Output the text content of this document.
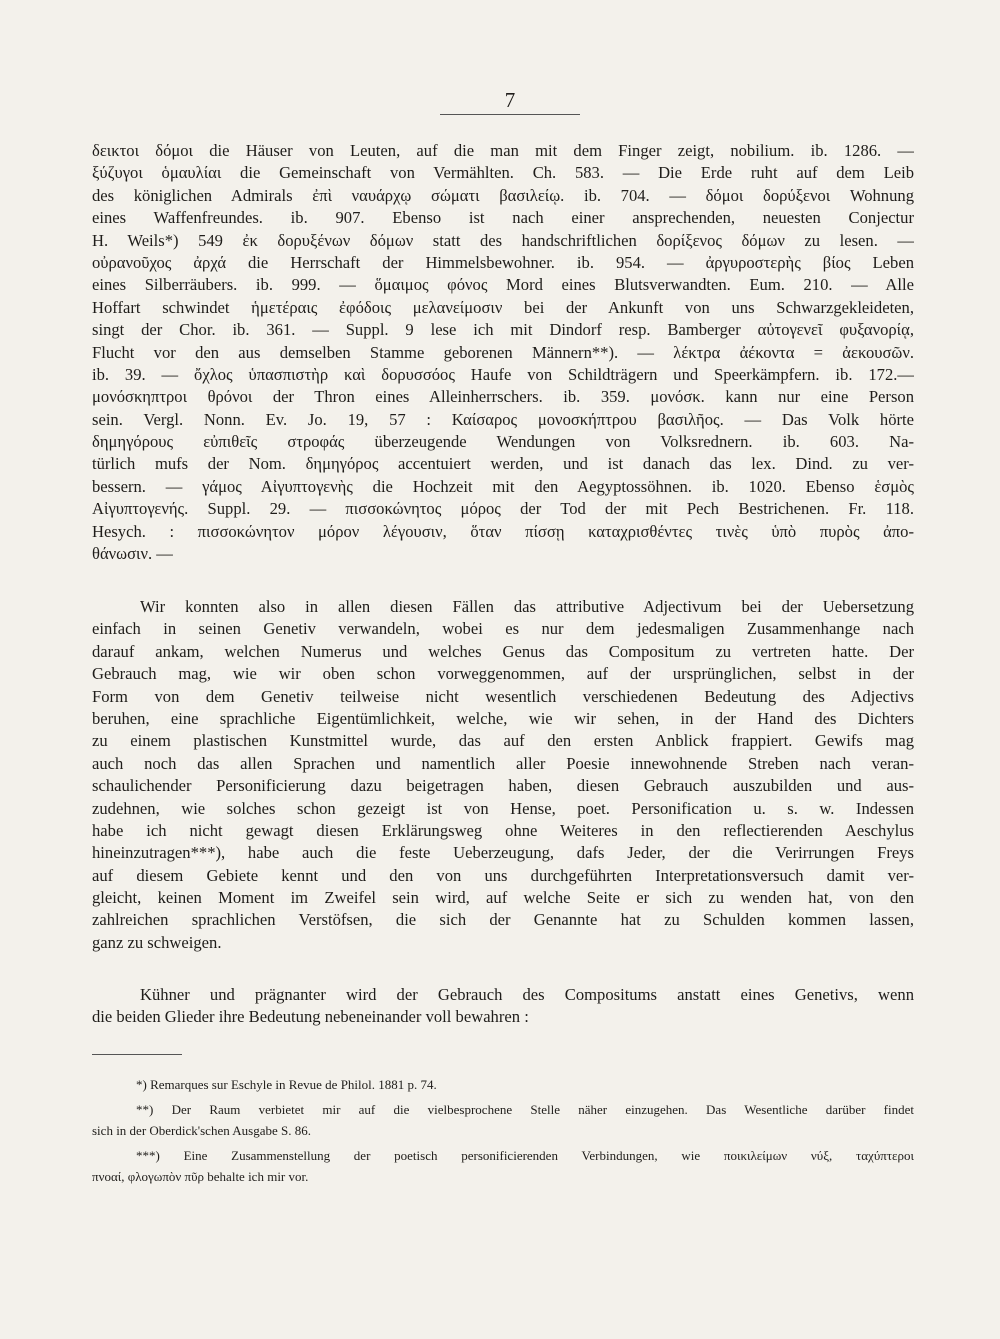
7
δεικτοι δόμοι die Häuser von Leuten, auf die man mit dem Finger zeigt, nobilium. ib. 1286. —
ξύζυγοι ὁμαυλίαι die Gemeinschaft von Vermählten. Ch. 583. — Die Erde ruht auf dem Leib
des königlichen Admirals ἐπὶ ναυάρχῳ σώματι βασιλείῳ. ib. 704. — δόμοι δορύξενοι Wohnung
eines Waffenfreundes. ib. 907. Ebenso ist nach einer ansprechenden, neuesten Conjectur
H. Weils*) 549 ἐκ δορυξένων δόμων statt des handschriftlichen δορίξενος δόμων zu lesen. —
οὐρανοῦχος ἀρχά die Herrschaft der Himmelsbewohner. ib. 954. — ἀργυροστερὴς βίος Leben
eines Silberräubers. ib. 999. — ὅμαιμος φόνος Mord eines Blutsverwandten. Eum. 210. — Alle
Hoffart schwindet ἡμετέραις ἐφόδοις μελανείμοσιν bei der Ankunft von uns Schwarzgekleideten,
singt der Chor. ib. 361. — Suppl. 9 lese ich mit Dindorf resp. Bamberger αὐτογενεῖ φυξανορίᾳ,
Flucht vor den aus demselben Stamme geborenen Männern**). — λέκτρα ἀέκοντα = ἀεκουσῶν.
ib. 39. — ὄχλος ὑπασπιστὴρ καὶ δορυσσόος Haufe von Schildträgern und Speerkämpfern. ib. 172.—
μονόσκηπτροι θρόνοι der Thron eines Alleinherrschers. ib. 359. μονόσκ. kann nur eine Person
sein. Vergl. Nonn. Ev. Jo. 19, 57 : Καίσαρος μονοσκήπτρου βασιλῆος. — Das Volk hörte
δημηγόρους εὐπιθεῖς στροφάς überzeugende Wendungen von Volksrednern. ib. 603. Na-
türlich mufs der Nom. δημηγόρος accentuiert werden, und ist danach das lex. Dind. zu ver-
bessern. — γάμος Αἰγυπτογενὴς die Hochzeit mit den Aegyptossöhnen. ib. 1020. Ebenso ἑσμὸς
Αἰγυπτογενής. Suppl. 29. — πισσοκώνητος μόρος der Tod der mit Pech Bestrichenen. Fr. 118.
Hesych. : πισσοκώνητον μόρον λέγουσιν, ὅταν πίσσῃ καταχρισθέντες τινὲς ὑπὸ πυρὸς ἀπο-
θάνωσιν. —
Wir konnten also in allen diesen Fällen das attributive Adjectivum bei der Uebersetzung
einfach in seinen Genetiv verwandeln, wobei es nur dem jedesmaligen Zusammenhange nach
darauf ankam, welchen Numerus und welches Genus das Compositum zu vertreten hatte. Der
Gebrauch mag, wie wir oben schon vorweggenommen, auf der ursprünglichen, selbst in der
Form von dem Genetiv teilweise nicht wesentlich verschiedenen Bedeutung des Adjectivs
beruhen, eine sprachliche Eigentümlichkeit, welche, wie wir sehen, in der Hand des Dichters
zu einem plastischen Kunstmittel wurde, das auf den ersten Anblick frappiert. Gewifs mag
auch noch das allen Sprachen und namentlich aller Poesie innewohnende Streben nach veran-
schaulichender Personificierung dazu beigetragen haben, diesen Gebrauch auszubilden und aus-
zudehnen, wie solches schon gezeigt ist von Hense, poet. Personification u. s. w. Indessen
habe ich nicht gewagt diesen Erklärungsweg ohne Weiteres in den reflectierenden Aeschylus
hineinzutragen***), habe auch die feste Ueberzeugung, dafs Jeder, der die Verirrungen Freys
auf diesem Gebiete kennt und den von uns durchgeführten Interpretationsversuch damit ver-
gleicht, keinen Moment im Zweifel sein wird, auf welche Seite er sich zu wenden hat, von den
zahlreichen sprachlichen Verstöfsen, die sich der Genannte hat zu Schulden kommen lassen,
ganz zu schweigen.
Kühner und prägnanter wird der Gebrauch des Compositums anstatt eines Genetivs, wenn
die beiden Glieder ihre Bedeutung nebeneinander voll bewahren :
*) Remarques sur Eschyle in Revue de Philol. 1881 p. 74.
**) Der Raum verbietet mir auf die vielbesprochene Stelle näher einzugehen. Das Wesentliche darüber findet
sich in der Oberdick'schen Ausgabe S. 86.
***) Eine Zusammenstellung der poetisch personificierenden Verbindungen, wie ποικιλείμων νύξ, ταχύπτεροι
πνοαί, φλογωπὸν πῦρ behalte ich mir vor.
